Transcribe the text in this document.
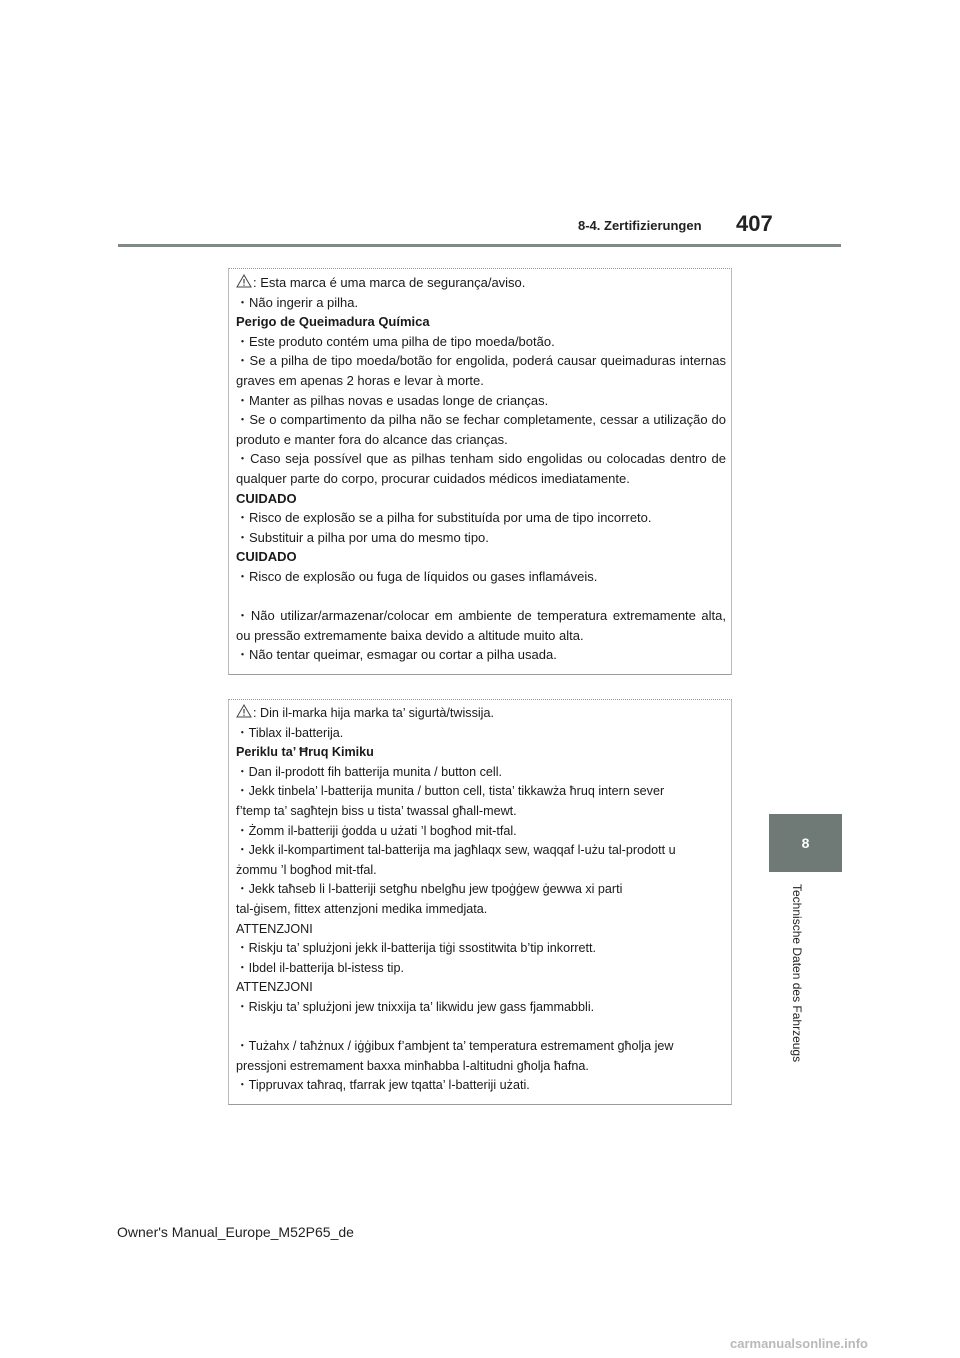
8-4. Zertifizierungen 407
8
Technische Daten des Fahrzeugs
: Esta marca é uma marca de segurança/aviso.
・Não ingerir a pilha.
Perigo de Queimadura Química
・Este produto contém uma pilha de tipo moeda/botão.
・Se a pilha de tipo moeda/botão for engolida, poderá causar queimaduras internas graves em apenas 2 horas e levar à morte.
・Manter as pilhas novas e usadas longe de crianças.
・Se o compartimento da pilha não se fechar completamente, cessar a utilização do produto e manter fora do alcance das crianças.
・Caso seja possível que as pilhas tenham sido engolidas ou colocadas dentro de qualquer parte do corpo, procurar cuidados médicos imediatamente.
CUIDADO
・Risco de explosão se a pilha for substituída por uma de tipo incorreto.
・Substituir a pilha por uma do mesmo tipo.
CUIDADO
・Risco de explosão ou fuga de líquidos ou gases inflamáveis.
・Não utilizar/armazenar/colocar em ambiente de temperatura extremamente alta, ou pressão extremamente baixa devido a altitude muito alta.
・Não tentar queimar, esmagar ou cortar a pilha usada.
: Din il-marka hija marka ta’ sigurtà/twissija.
・Tiblax il-batterija.
Periklu ta’ Ħruq Kimiku
・Dan il-prodott fih batterija munita / button cell.
・Jekk tinbela’ l-batterija munita / button cell, tista’ tikkawża ħruq intern sever
f’temp ta’ sagħtejn biss u tista’ twassal għall-mewt.
・Żomm il-batteriji ġodda u użati ’l bogħod mit-tfal.
・Jekk il-kompartiment tal-batterija ma jagħlaqx sew, waqqaf l-użu tal-prodott u
żommu ’l bogħod mit-tfal.
・Jekk taħseb li l-batteriji setgħu nbelgħu jew tpoġġew ġewwa xi parti
tal-ġisem, fittex attenzjoni medika immedjata.
ATTENZJONI
・Riskju ta’ splużjoni jekk il-batterija tiġi ssostitwita b’tip inkorrett.
・Ibdel il-batterija bl-istess tip.
ATTENZJONI
・Riskju ta’ splużjoni jew tnixxija ta’ likwidu jew gass fjammabbli.
・Tużahx / taħżnux / iġġibux f’ambjent ta’ temperatura estremament għolja jew
pressjoni estremament baxxa minħabba l-altitudni għolja ħafna.
・Tippruvax taħraq, tfarrak jew tqatta’ l-batteriji użati.
Owner's Manual_Europe_M52P65_de
carmanualsonline.info
